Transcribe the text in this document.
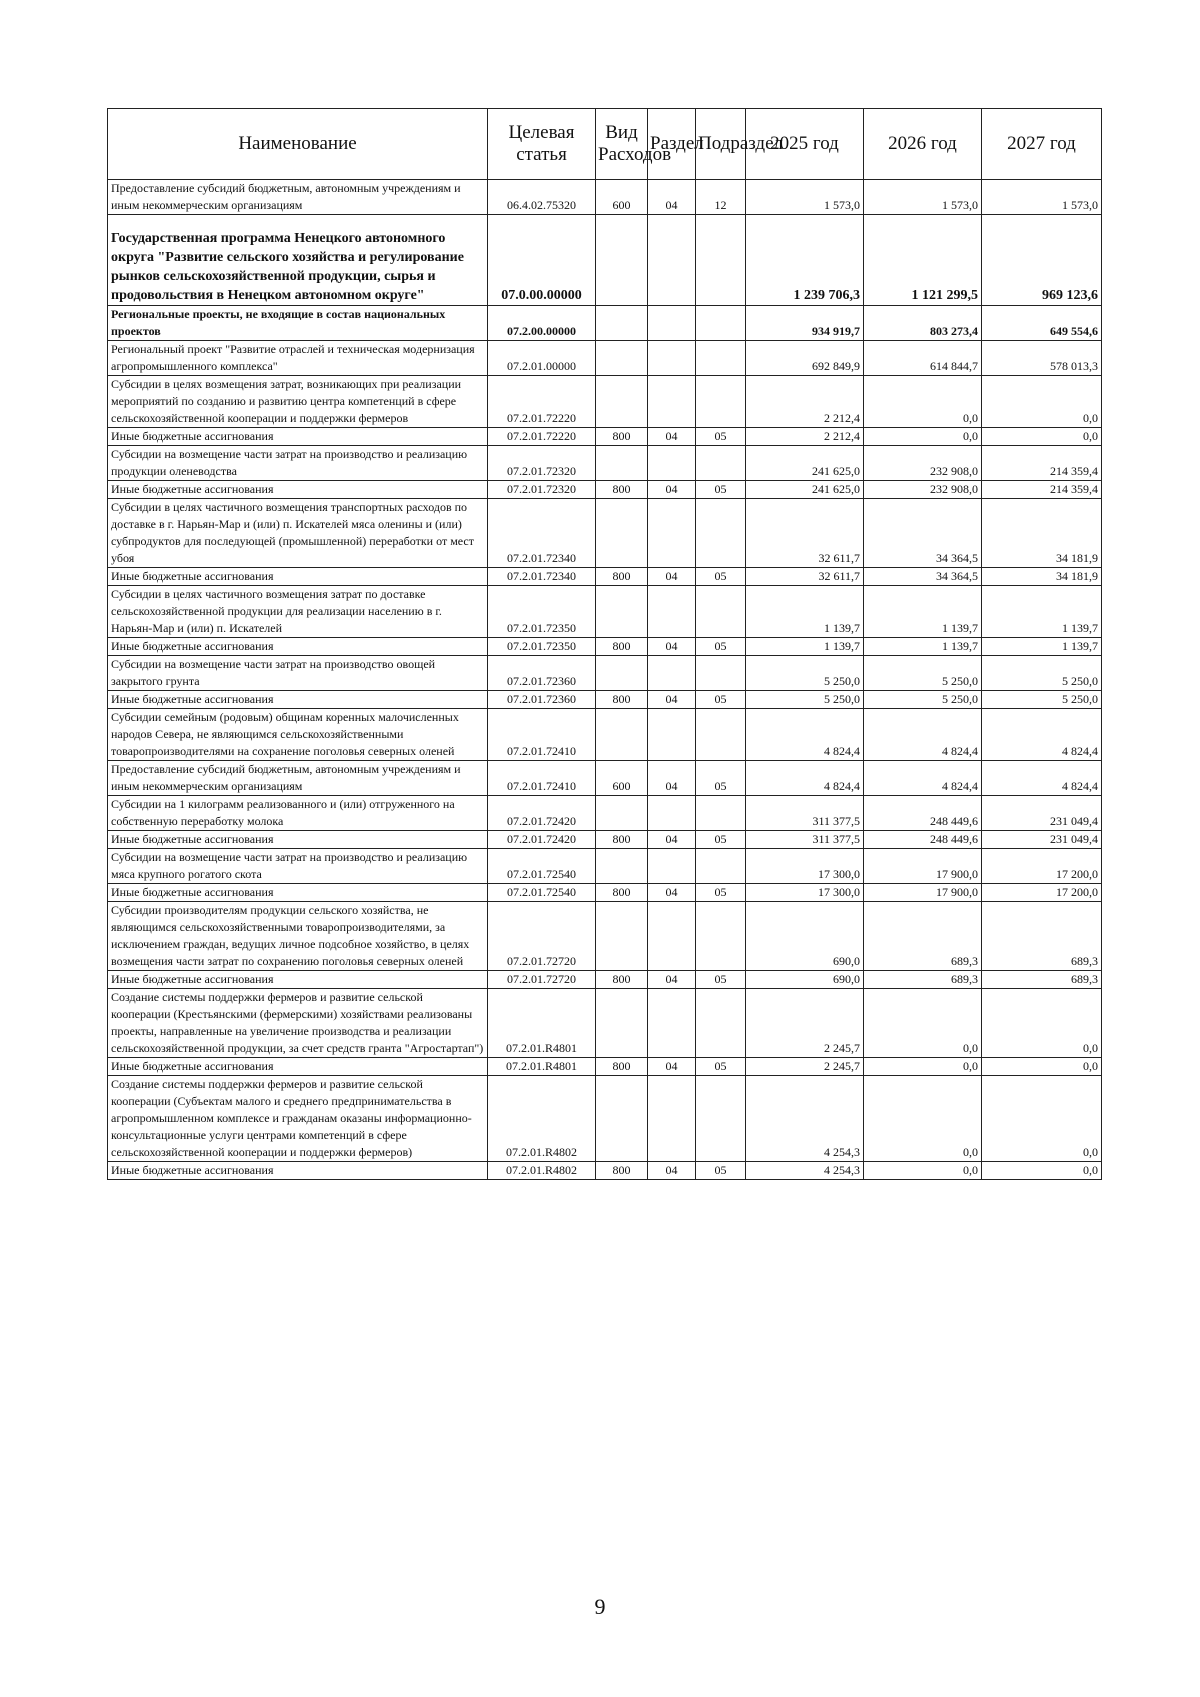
Наименование	Целевая статья	Вид Расходов	Раздел	Подраздел	2025 год	2026 год	2027 год
Предоставление субсидий бюджетным, автономным учреждениям и иным некоммерческим организациям	06.4.02.75320	600	04	12	1 573,0	1 573,0	1 573,0
Государственная программа Ненецкого автономного округа "Развитие сельского хозяйства и регулирование рынков сельскохозяйственной продукции, сырья и продовольствия в Ненецком автономном округе"	07.0.00.00000				1 239 706,3	1 121 299,5	969 123,6
Региональные проекты, не входящие в состав национальных проектов	07.2.00.00000				934 919,7	803 273,4	649 554,6
Региональный проект "Развитие отраслей и техническая модернизация агропромышленного комплекса"	07.2.01.00000				692 849,9	614 844,7	578 013,3
Субсидии в целях возмещения затрат, возникающих при реализации мероприятий по созданию и развитию центра компетенций в сфере сельскохозяйственной кооперации и поддержки фермеров	07.2.01.72220				2 212,4	0,0	0,0
Иные бюджетные ассигнования	07.2.01.72220	800	04	05	2 212,4	0,0	0,0
Субсидии на возмещение части затрат на производство и реализацию продукции оленеводства	07.2.01.72320				241 625,0	232 908,0	214 359,4
Иные бюджетные ассигнования	07.2.01.72320	800	04	05	241 625,0	232 908,0	214 359,4
Субсидии в целях частичного возмещения транспортных расходов по доставке в г. Нарьян-Мар и (или) п. Искателей мяса оленины и (или) субпродуктов для последующей (промышленной) переработки от мест убоя	07.2.01.72340				32 611,7	34 364,5	34 181,9
Иные бюджетные ассигнования	07.2.01.72340	800	04	05	32 611,7	34 364,5	34 181,9
Субсидии в целях частичного возмещения затрат по доставке сельскохозяйственной продукции для реализации населению в г. Нарьян-Мар и (или) п. Искателей	07.2.01.72350				1 139,7	1 139,7	1 139,7
Иные бюджетные ассигнования	07.2.01.72350	800	04	05	1 139,7	1 139,7	1 139,7
Субсидии на возмещение части затрат на производство овощей закрытого грунта	07.2.01.72360				5 250,0	5 250,0	5 250,0
Иные бюджетные ассигнования	07.2.01.72360	800	04	05	5 250,0	5 250,0	5 250,0
Субсидии семейным (родовым) общинам коренных малочисленных народов Севера, не являющимся сельскохозяйственными товаропроизводителями на сохранение поголовья северных оленей	07.2.01.72410				4 824,4	4 824,4	4 824,4
Предоставление субсидий бюджетным, автономным учреждениям и иным некоммерческим организациям	07.2.01.72410	600	04	05	4 824,4	4 824,4	4 824,4
Субсидии на 1 килограмм реализованного и (или) отгруженного на собственную переработку молока	07.2.01.72420				311 377,5	248 449,6	231 049,4
Иные бюджетные ассигнования	07.2.01.72420	800	04	05	311 377,5	248 449,6	231 049,4
Субсидии на возмещение части затрат на производство и реализацию мяса крупного рогатого скота	07.2.01.72540				17 300,0	17 900,0	17 200,0
Иные бюджетные ассигнования	07.2.01.72540	800	04	05	17 300,0	17 900,0	17 200,0
Субсидии производителям продукции сельского хозяйства, не являющимся сельскохозяйственными товаропроизводителями, за исключением граждан, ведущих личное подсобное хозяйство, в целях возмещения части затрат по сохранению поголовья северных оленей	07.2.01.72720				690,0	689,3	689,3
Иные бюджетные ассигнования	07.2.01.72720	800	04	05	690,0	689,3	689,3
Создание системы поддержки фермеров и развитие сельской кооперации (Крестьянскими (фермерскими) хозяйствами реализованы проекты, направленные на увеличение производства и реализации сельскохозяйственной продукции, за счет средств гранта "Агростартап")	07.2.01.R4801				2 245,7	0,0	0,0
Иные бюджетные ассигнования	07.2.01.R4801	800	04	05	2 245,7	0,0	0,0
Создание системы поддержки фермеров и развитие сельской кооперации (Субъектам малого и среднего предпринимательства в агропромышленном комплексе и гражданам оказаны информационно-консультационные услуги центрами компетенций в сфере сельскохозяйственной кооперации и поддержки фермеров)	07.2.01.R4802				4 254,3	0,0	0,0
Иные бюджетные ассигнования	07.2.01.R4802	800	04	05	4 254,3	0,0	0,0
9
